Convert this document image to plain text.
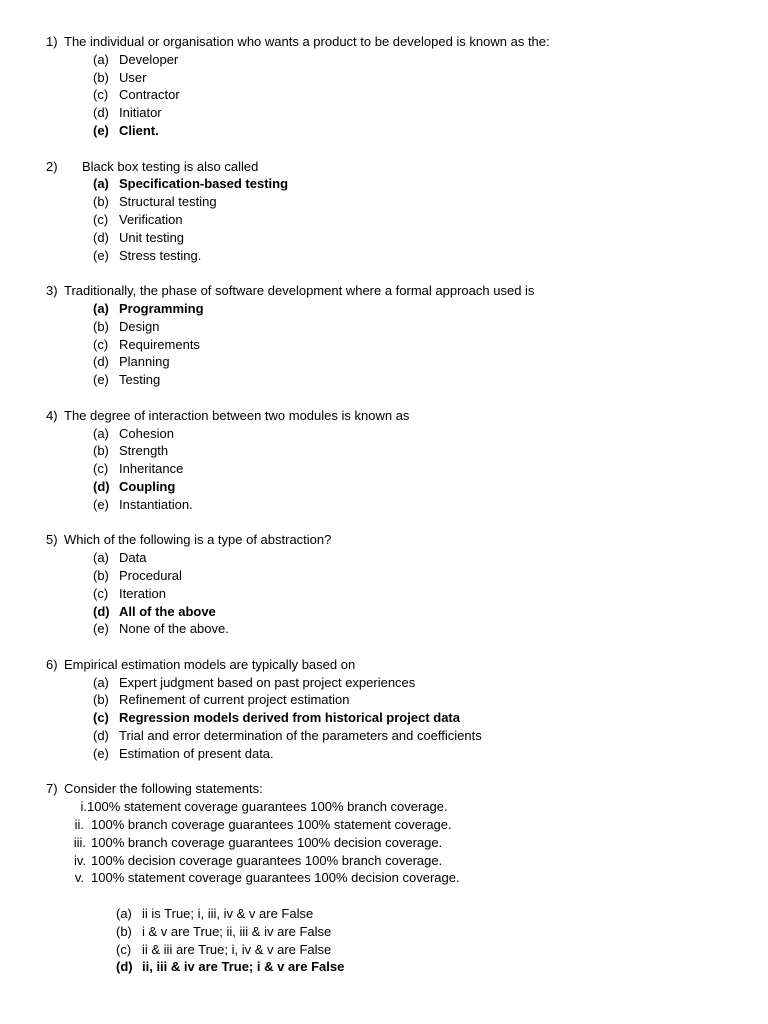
1) The individual or organisation who wants a product to be developed is known as the:
(a) Developer
(b) User
(c) Contractor
(d) Initiator
(e) Client.
2)	Black box testing is also called
(a) Specification-based testing
(b) Structural testing
(c) Verification
(d) Unit testing
(e) Stress testing.
3) Traditionally, the phase of software development where a formal approach used is
(a) Programming
(b) Design
(c) Requirements
(d) Planning
(e) Testing
4) The degree of interaction between two modules is known as
(a) Cohesion
(b) Strength
(c) Inheritance
(d) Coupling
(e) Instantiation.
5) Which of the following is a type of abstraction?
(a) Data
(b) Procedural
(c) Iteration
(d) All of the above
(e) None of the above.
6) Empirical estimation models are typically based on
(a) Expert judgment based on past project experiences
(b) Refinement of current project estimation
(c) Regression models derived from historical project data
(d) Trial and error determination of the parameters and coefficients
(e) Estimation of present data.
7) Consider the following statements:
i. 100% statement coverage guarantees 100% branch coverage.
ii. 100% branch coverage guarantees 100% statement coverage.
iii. 100% branch coverage guarantees 100% decision coverage.
iv. 100% decision coverage guarantees 100% branch coverage.
v. 100% statement coverage guarantees 100% decision coverage.
(a) ii is True; i, iii, iv & v are False
(b) i & v are True; ii, iii & iv are False
(c) ii & iii are True; i, iv & v are False
(d) ii, iii & iv are True; i & v are False
